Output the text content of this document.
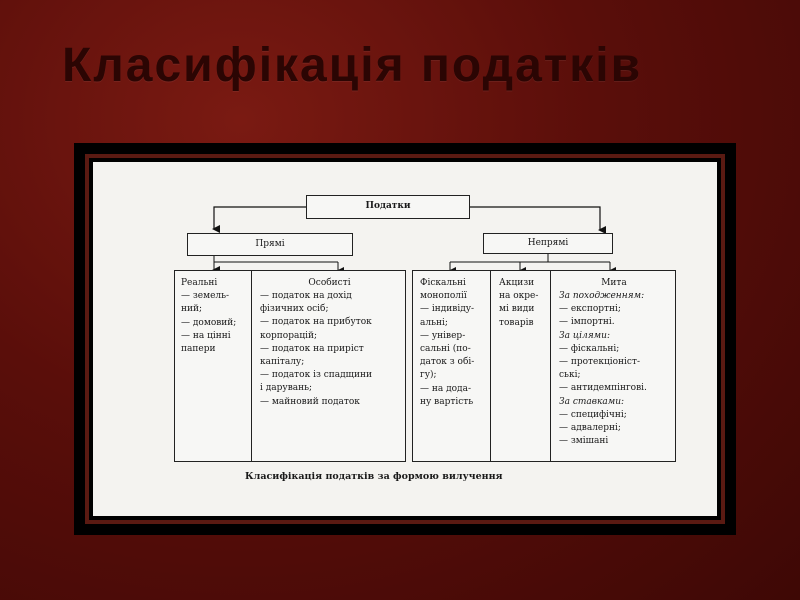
Класифікація податків
Податки
Прямі	Непрямі
Реальні
— земель-
ний;
— домовий;
— на цінні
папери
Особисті
— податок на дохід
фізичних осіб;
— податок на прибуток
корпорацій;
— податок на приріст
капіталу;
— податок із спадщини
і дарувань;
— майновий податок
Фіскальні
монополії
— індивіду-
альні;
— універ-
сальні (по-
даток з обі-
гу);
— на дода-
ну вартість
Акцизи
на окре-
мі види
товарів
Мита
За походженням:
— експортні;
— імпортні.
За цілями:
— фіскальні;
— протекціоніст-
ські;
— антидемпінгові.
За ставками:
— специфічні;
— адвалерні;
— змішані
Класифікація податків за формою вилучення
